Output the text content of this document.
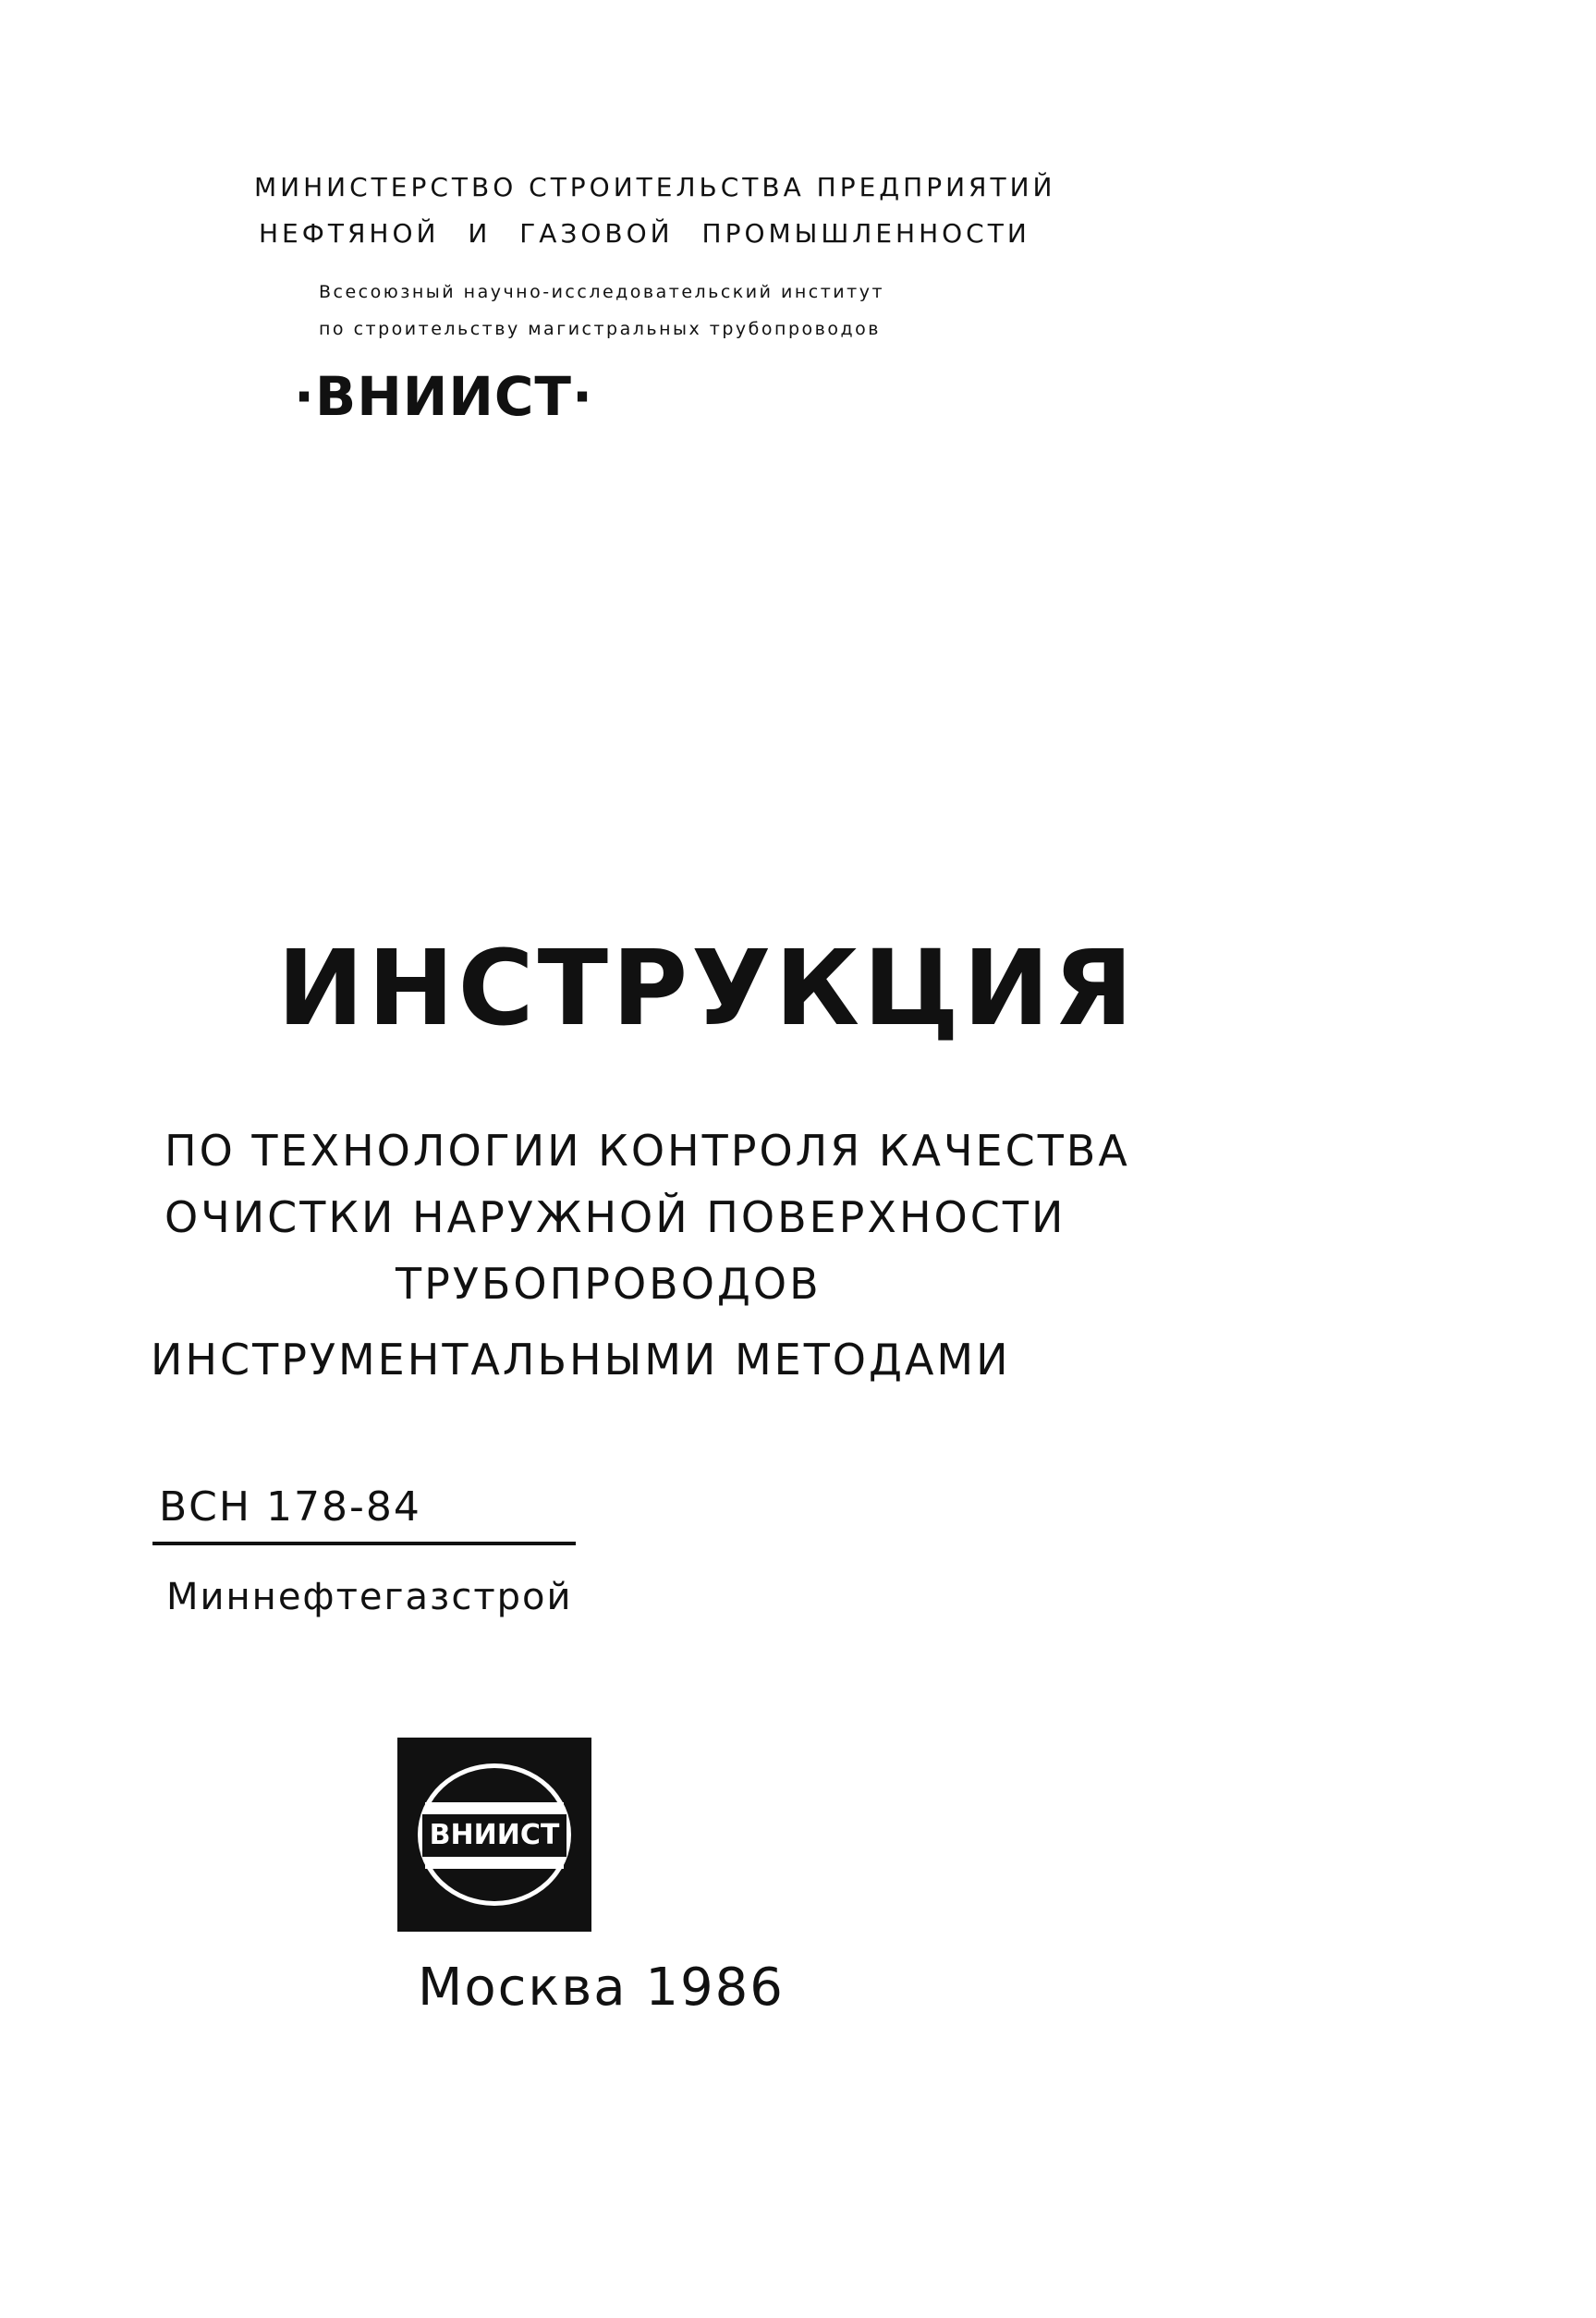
МИНИСТЕРСТВО СТРОИТЕЛЬСТВА ПРЕДПРИЯТИЙ
НЕФТЯНОЙ И ГАЗОВОЙ ПРОМЫШЛЕННОСТИ
Всесоюзный научно-исследовательский институт
по строительству магистральных трубопроводов
·ВНИИСТ·
ИНСТРУКЦИЯ
ПО ТЕХНОЛОГИИ КОНТРОЛЯ КАЧЕСТВА
ОЧИСТКИ НАРУЖНОЙ ПОВЕРХНОСТИ
ТРУБОПРОВОДОВ
ИНСТРУМЕНТАЛЬНЫМИ МЕТОДАМИ
ВСН 178-84
Миннефтегазстрой
ВНИИСТ
Москва 1986
